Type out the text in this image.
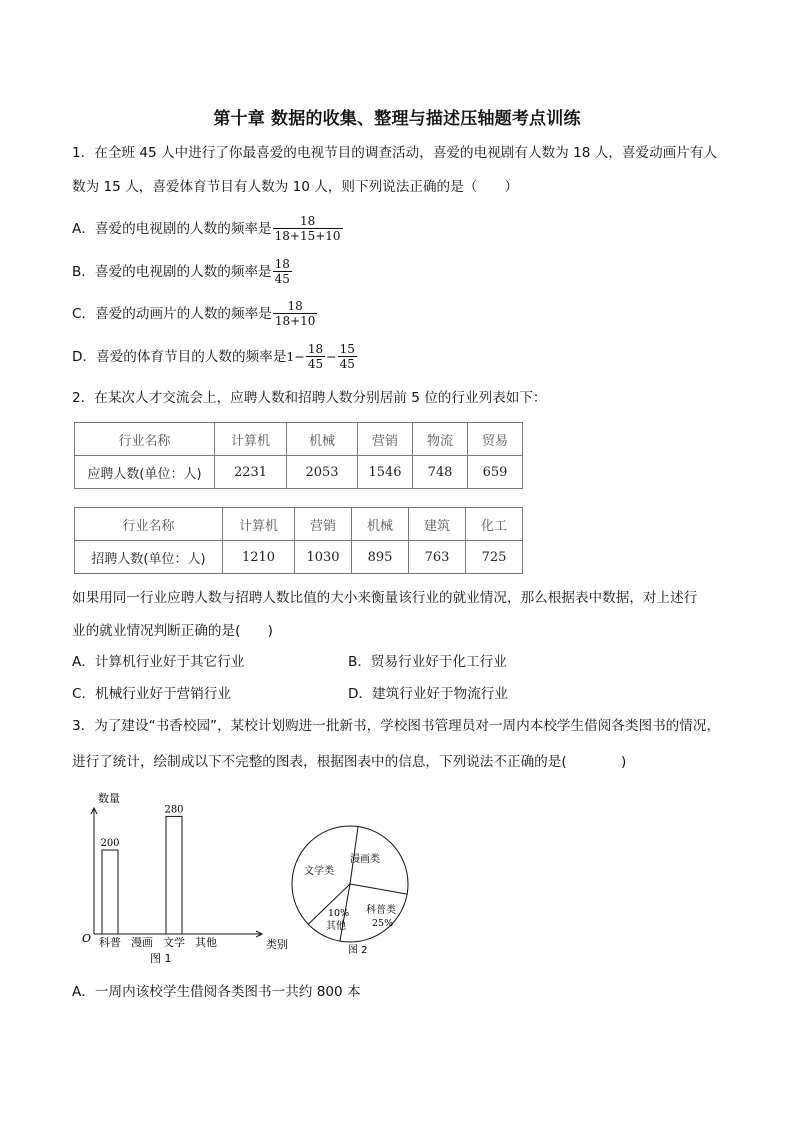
第十章 数据的收集、整理与描述压轴题考点训练
1．在全班 45 人中进行了你最喜爱的电视节目的调查活动，喜爱的电视剧有人数为 18 人，喜爱动画片有人
数为 15 人，喜爱体育节目有人数为 10 人，则下列说法正确的是（　　）
A．喜爱的电视剧的人数的频率是 $\frac{18}{18+15+10}$
B．喜爱的电视剧的人数的频率是 $\frac{18}{45}$
C．喜爱的动画片的人数的频率是 $\frac{18}{18+10}$
D．喜爱的体育节目的人数的频率是 $1- \frac{18}{45} - \frac{15}{45}$
2．在某次人才交流会上，应聘人数和招聘人数分别居前 5 位的行业列表如下：
行业名称	计算机	机械	营销	物流	贸易
应聘人数(单位：人)	2231	2053	1546	748	659
行业名称	计算机	营销	机械	建筑	化工
招聘人数(单位：人)	1210	1030	895	763	725
如果用同一行业应聘人数与招聘人数比值的大小来衡量该行业的就业情况，那么根据表中数据，对上述行
业的就业情况判断正确的是(　　)
A．计算机行业好于其它行业	B．贸易行业好于化工行业
C．机械行业好于营销行业	D．建筑行业好于物流行业
3．为了建设“书香校园”，某校计划购进一批新书，学校图书管理员对一周内本校学生借阅各类图书的情况，
进行了统计，绘制成以下不完整的图表，根据图表中的信息，下列说法不正确的是(　　　　)
数量
类别
O
200
科普 漫画
280
文学 其他
图 1
文学类
漫画类
科普类
25%
10%
其他
图 2
A．一周内该校学生借阅各类图书一共约 800 本
